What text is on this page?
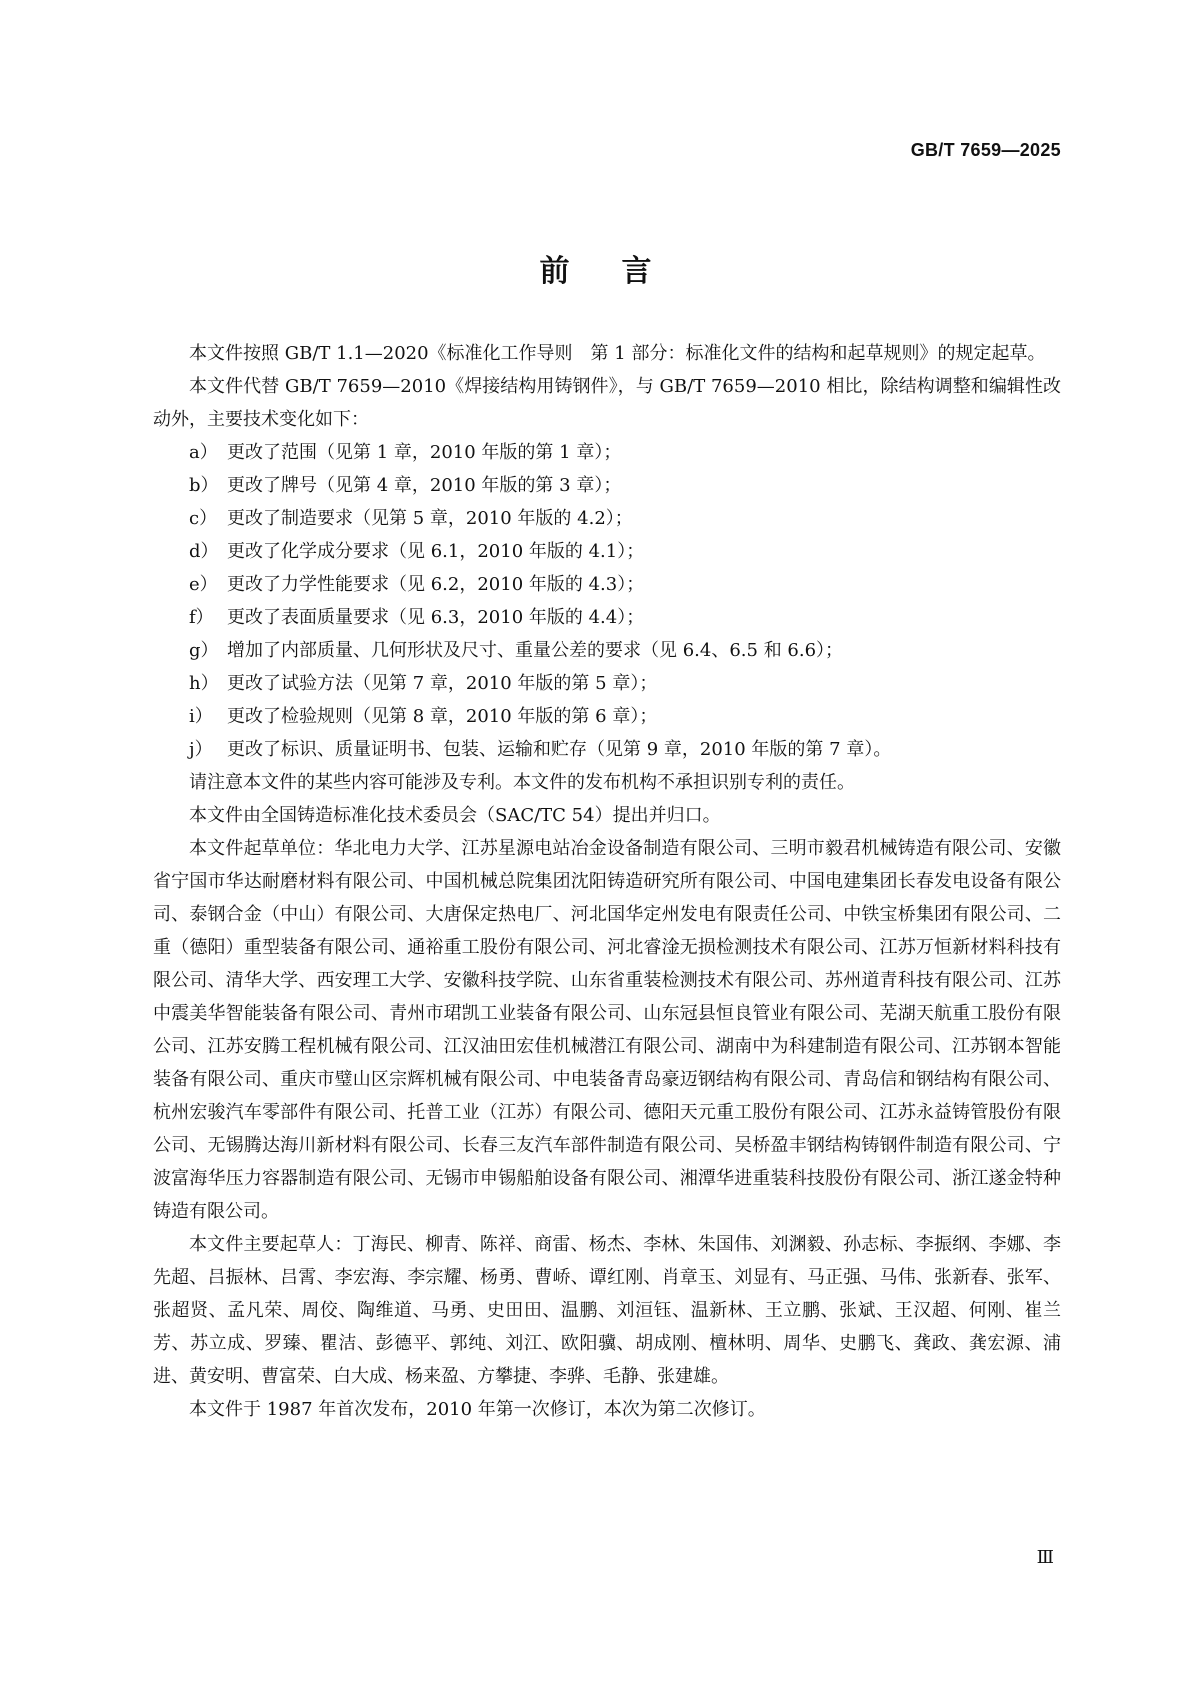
GB/T 7659—2025
前言

本文件按照 GB/T 1.1—2020《标准化工作导则　第 1 部分：标准化文件的结构和起草规则》的规定起草。

本文件代替 GB/T 7659—2010《焊接结构用铸钢件》，与 GB/T 7659—2010 相比，除结构调整和编辑性改动外，主要技术变化如下：

a） 更改了范围（见第 1 章，2010 年版的第 1 章）；
b） 更改了牌号（见第 4 章，2010 年版的第 3 章）；
c） 更改了制造要求（见第 5 章，2010 年版的 4.2）；
d） 更改了化学成分要求（见 6.1，2010 年版的 4.1）；
e） 更改了力学性能要求（见 6.2，2010 年版的 4.3）；
f） 更改了表面质量要求（见 6.3，2010 年版的 4.4）；
g） 增加了内部质量、几何形状及尺寸、重量公差的要求（见 6.4、6.5 和 6.6）；
h） 更改了试验方法（见第 7 章，2010 年版的第 5 章）；
i） 更改了检验规则（见第 8 章，2010 年版的第 6 章）；
j） 更改了标识、质量证明书、包装、运输和贮存（见第 9 章，2010 年版的第 7 章）。

请注意本文件的某些内容可能涉及专利。本文件的发布机构不承担识别专利的责任。

本文件由全国铸造标准化技术委员会（SAC/TC 54）提出并归口。

本文件起草单位：华北电力大学、江苏星源电站冶金设备制造有限公司、三明市毅君机械铸造有限公司、安徽省宁国市华达耐磨材料有限公司、中国机械总院集团沈阳铸造研究所有限公司、中国电建集团长春发电设备有限公司、泰钢合金（中山）有限公司、大唐保定热电厂、河北国华定州发电有限责任公司、中铁宝桥集团有限公司、二重（德阳）重型装备有限公司、通裕重工股份有限公司、河北睿淦无损检测技术有限公司、江苏万恒新材料科技有限公司、清华大学、西安理工大学、安徽科技学院、山东省重装检测技术有限公司、苏州道青科技有限公司、江苏中震美华智能装备有限公司、青州市珺凯工业装备有限公司、山东冠县恒良管业有限公司、芜湖天航重工股份有限公司、江苏安腾工程机械有限公司、江汉油田宏佳机械潜江有限公司、湖南中为科建制造有限公司、江苏钢本智能装备有限公司、重庆市璧山区宗辉机械有限公司、中电装备青岛豪迈钢结构有限公司、青岛信和钢结构有限公司、杭州宏骏汽车零部件有限公司、托普工业（江苏）有限公司、德阳天元重工股份有限公司、江苏永益铸管股份有限公司、无锡腾达海川新材料有限公司、长春三友汽车部件制造有限公司、吴桥盈丰钢结构铸钢件制造有限公司、宁波富海华压力容器制造有限公司、无锡市申锡船舶设备有限公司、湘潭华进重装科技股份有限公司、浙江遂金特种铸造有限公司。

本文件主要起草人：丁海民、柳青、陈祥、商雷、杨杰、李林、朱国伟、刘渊毅、孙志标、李振纲、李娜、李先超、吕振林、吕霄、李宏海、李宗耀、杨勇、曹峤、谭红刚、肖章玉、刘显有、马正强、马伟、张新春、张军、张超贤、孟凡荣、周佼、陶维道、马勇、史田田、温鹏、刘洹钰、温新林、王立鹏、张斌、王汉超、何刚、崔兰芳、苏立成、罗臻、瞿洁、彭德平、郭纯、刘江、欧阳骥、胡成刚、檀林明、周华、史鹏飞、龚政、龚宏源、浦进、黄安明、曹富荣、白大成、杨来盈、方攀捷、李骅、毛静、张建雄。

本文件于 1987 年首次发布，2010 年第一次修订，本次为第二次修订。

Ⅲ
